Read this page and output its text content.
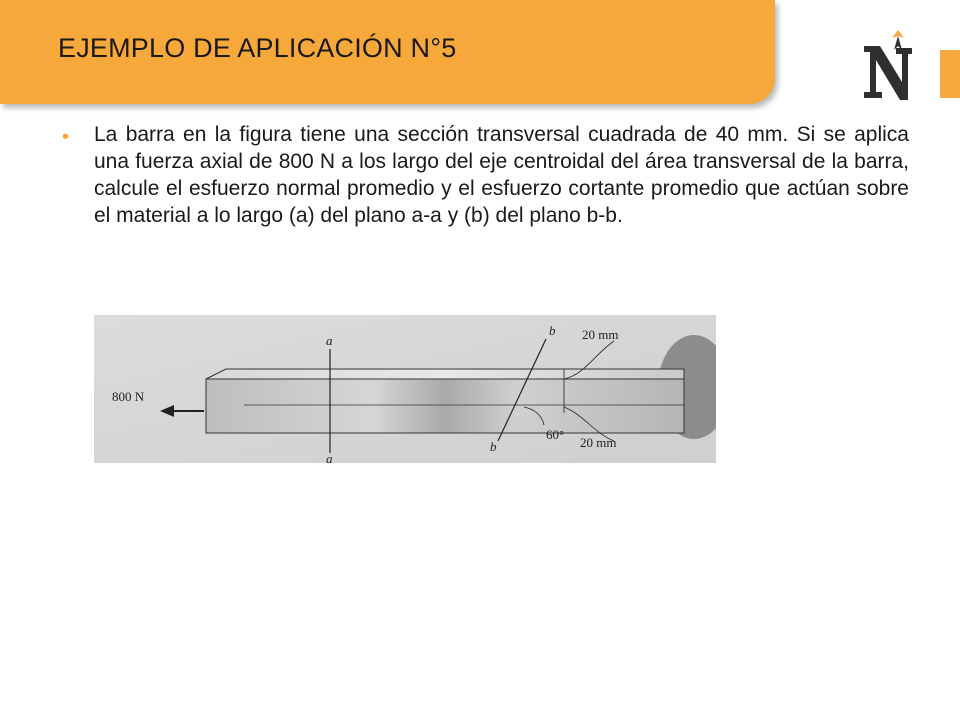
EJEMPLO DE APLICACIÓN N°5
• La barra en la figura tiene una sección transversal cuadrada de 40 mm. Si se aplica una fuerza axial de 800 N a los largo del eje centroidal del área transversal de la barra, calcule el esfuerzo normal promedio y el esfuerzo cortante promedio que actúan sobre el material a lo largo (a) del plano a-a y (b) del plano b-b.
800 N
a
a
b
b
20 mm
20 mm
60°
